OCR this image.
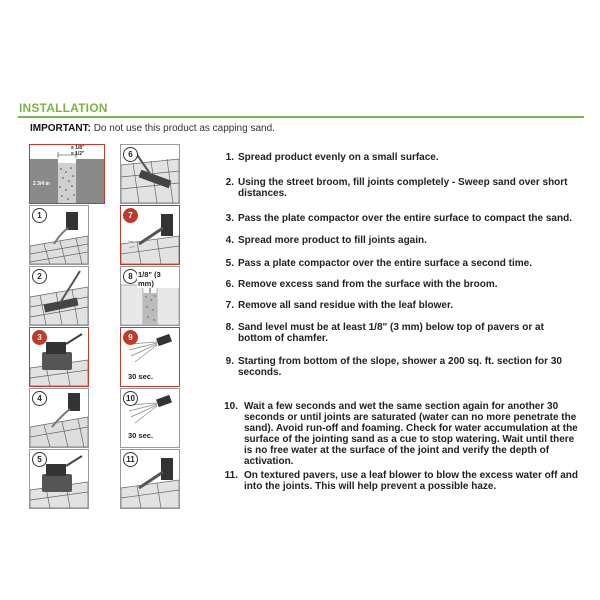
INSTALLATION
IMPORTANT: Do not use this product as capping sand.
≥ 1/8"
≤ 1/2"
2 3/4 in
1
2
3
4
5
6
7
8 1/8" (3 mm)
9
30 sec.
10
30 sec.
11
1. Spread product evenly on a small surface.
2. Using the street broom, fill joints completely - Sweep sand over short distances.
3. Pass the plate compactor over the entire surface to compact the sand.
4. Spread more product to fill joints again.
5. Pass a plate compactor over the entire surface a second time.
6. Remove excess sand from the surface with the broom.
7. Remove all sand residue with the leaf blower.
8. Sand level must be at least 1/8" (3 mm) below top of pavers or at bottom of chamfer.
9. Starting from bottom of the slope, shower a 200 sq. ft. section for 30 seconds.
10. Wait a few seconds and wet the same section again for another 30 seconds or until joints are saturated (water can no more penetrate the sand). Avoid run-off and foaming. Check for water accumulation at the surface of the jointing sand as a cue to stop watering. Wait until there is no free water at the surface of the joint and verify the depth of activation.
11. On textured pavers, use a leaf blower to blow the excess water off and into the joints. This will help prevent a possible haze.
